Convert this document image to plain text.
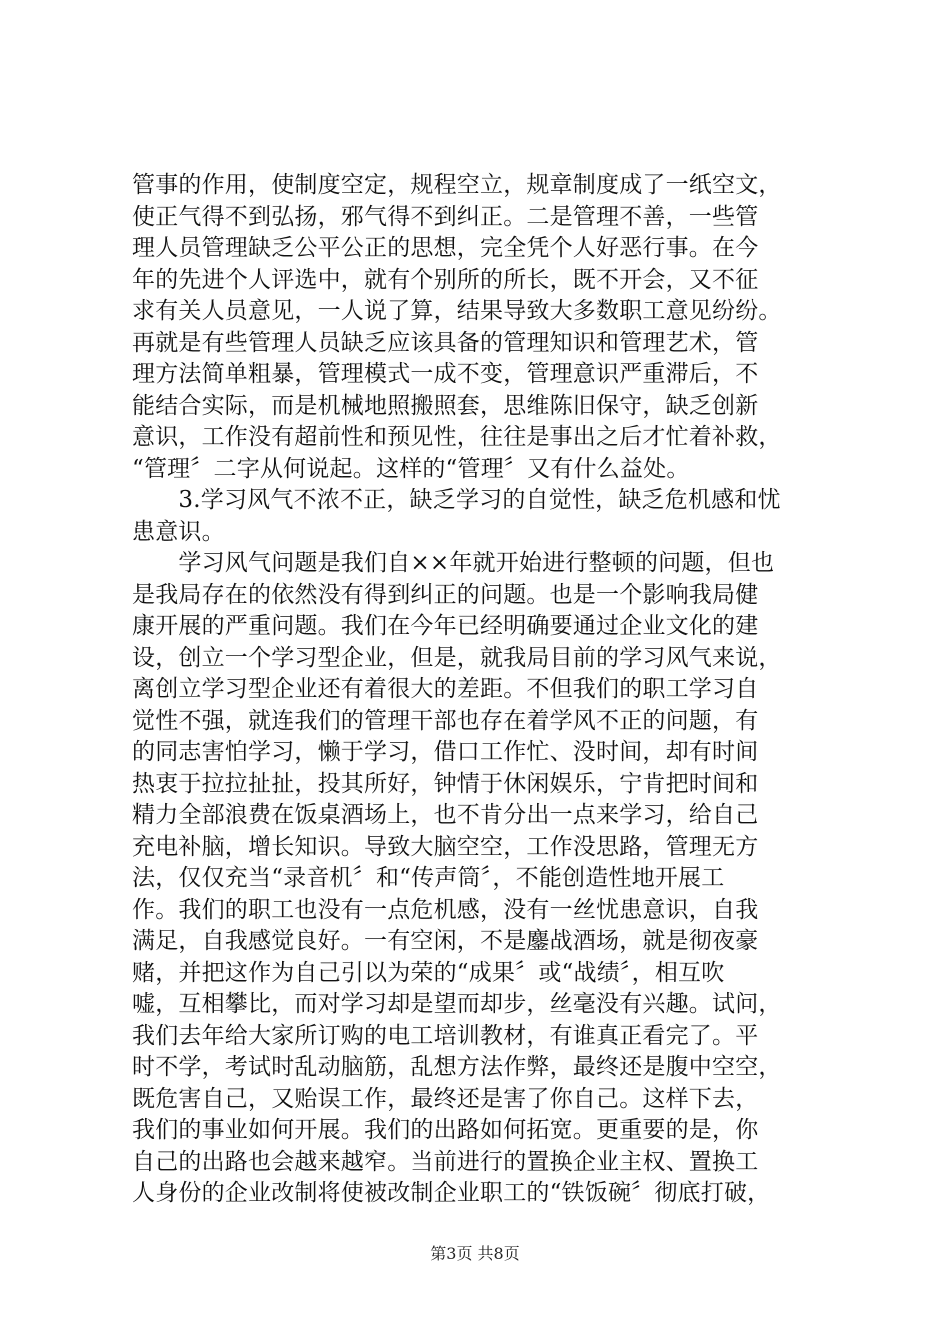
管事的作用，使制度空定，规程空立，规章制度成了一纸空文，
使正气得不到弘扬，邪气得不到纠正。二是管理不善，一些管
理人员管理缺乏公平公正的思想，完全凭个人好恶行事。在今
年的先进个人评选中，就有个别所的所长，既不开会，又不征
求有关人员意见，一人说了算，结果导致大多数职工意见纷纷。
再就是有些管理人员缺乏应该具备的管理知识和管理艺术，管
理方法简单粗暴，管理模式一成不变，管理意识严重滞后，不
能结合实际，而是机械地照搬照套，思维陈旧保守，缺乏创新
意识，工作没有超前性和预见性，往往是事出之后才忙着补救，
“管理〞二字从何说起。这样的“管理〞又有什么益处。
　　3.学习风气不浓不正，缺乏学习的自觉性，缺乏危机感和忧
患意识。
　　学习风气问题是我们自××年就开始进行整顿的问题，但也
是我局存在的依然没有得到纠正的问题。也是一个影响我局健
康开展的严重问题。我们在今年已经明确要通过企业文化的建
设，创立一个学习型企业，但是，就我局目前的学习风气来说，
离创立学习型企业还有着很大的差距。不但我们的职工学习自
觉性不强，就连我们的管理干部也存在着学风不正的问题，有
的同志害怕学习，懒于学习，借口工作忙、没时间，却有时间
热衷于拉拉扯扯，投其所好，钟情于休闲娱乐，宁肯把时间和
精力全部浪费在饭桌酒场上，也不肯分出一点来学习，给自己
充电补脑，增长知识。导致大脑空空，工作没思路，管理无方
法，仅仅充当“录音机〞和“传声筒〞，不能创造性地开展工
作。我们的职工也没有一点危机感，没有一丝忧患意识，自我
满足，自我感觉良好。一有空闲，不是鏖战酒场，就是彻夜豪
赌，并把这作为自己引以为荣的“成果〞或“战绩〞，相互吹
嘘，互相攀比，而对学习却是望而却步，丝毫没有兴趣。试问，
我们去年给大家所订购的电工培训教材，有谁真正看完了。平
时不学，考试时乱动脑筋，乱想方法作弊，最终还是腹中空空，
既危害自己，又贻误工作，最终还是害了你自己。这样下去，
我们的事业如何开展。我们的出路如何拓宽。更重要的是，你
自己的出路也会越来越窄。当前进行的置换企业主权、置换工
人身份的企业改制将使被改制企业职工的“铁饭碗〞彻底打破，
第3页 共8页
